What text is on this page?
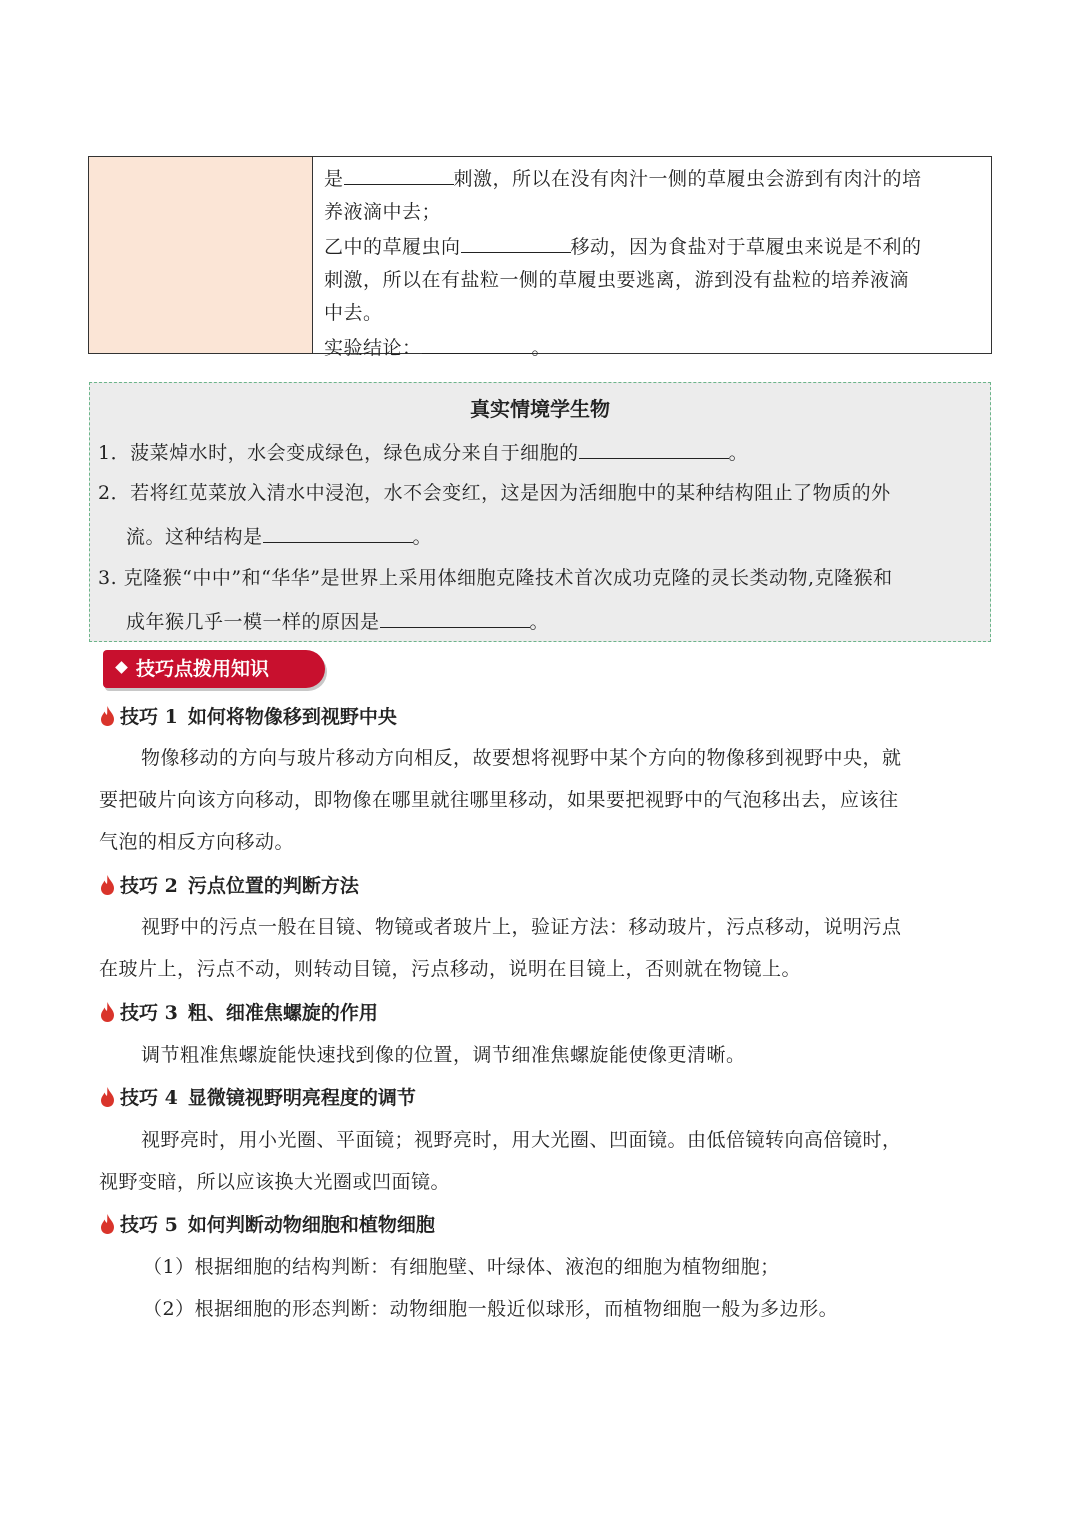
是	刺激，所以在没有肉汁一侧的草履虫会游到有肉汁的培
养液滴中去；
乙中的草履虫向	移动，因为食盐对于草履虫来说是不利的
刺激，所以在有盐粒一侧的草履虫要逃离，游到没有盐粒的培养液滴
中去。
实验结论：	。
真实情境学生物
1．菠菜焯水时，水会变成绿色，绿色成分来自于细胞的	。
2．若将红苋菜放入清水中浸泡，水不会变红，这是因为活细胞中的某种结构阻止了物质的外
流。这种结构是	。
3. 克隆猴“中中”和“华华”是世界上采用体细胞克隆技术首次成功克隆的灵长类动物,克隆猴和
成年猴几乎一模一样的原因是	。
技巧点拨用知识
技巧 1 如何将物像移到视野中央
物像移动的方向与玻片移动方向相反，故要想将视野中某个方向的物像移到视野中央，就
要把破片向该方向移动，即物像在哪里就往哪里移动，如果要把视野中的气泡移出去，应该往
气泡的相反方向移动。
技巧 2 污点位置的判断方法
视野中的污点一般在目镜、物镜或者玻片上，验证方法：移动玻片，污点移动，说明污点
在玻片上，污点不动，则转动目镜，污点移动，说明在目镜上，否则就在物镜上。
技巧 3 粗、细准焦螺旋的作用
调节粗准焦螺旋能快速找到像的位置，调节细准焦螺旋能使像更清晰。
技巧 4 显微镜视野明亮程度的调节
视野亮时，用小光圈、平面镜；视野亮时，用大光圈、凹面镜。由低倍镜转向高倍镜时，
视野变暗，所以应该换大光圈或凹面镜。
技巧 5 如何判断动物细胞和植物细胞
（1）根据细胞的结构判断：有细胞壁、叶绿体、液泡的细胞为植物细胞；
（2）根据细胞的形态判断：动物细胞一般近似球形，而植物细胞一般为多边形。
